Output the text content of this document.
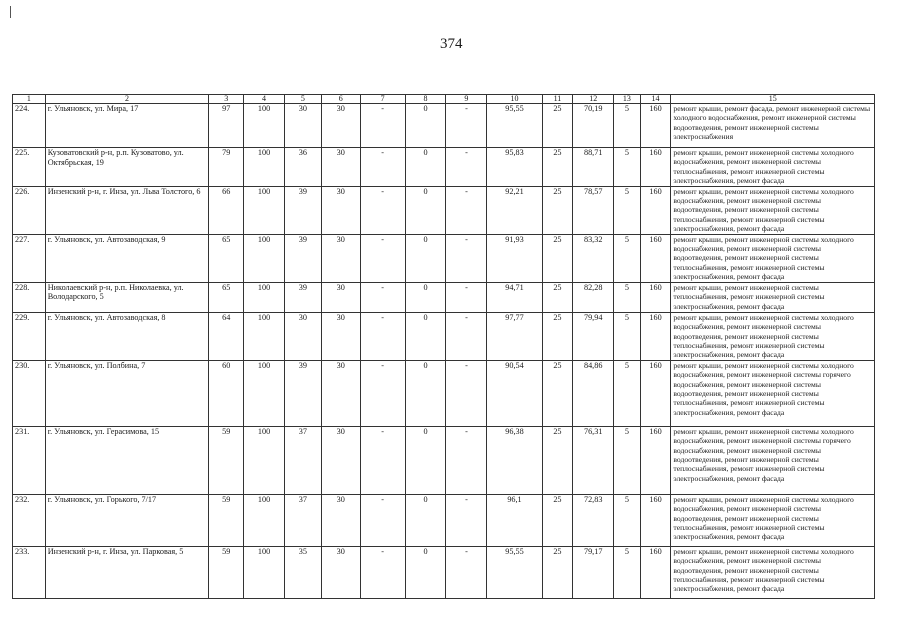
374
1	2	3	4	5	6	7	8	9	10	11	12	13	14	15
224.	г. Ульяновск, ул. Мира, 17	97	100	30	30	-	0	-	95,55	25	70,19	5	160	ремонт крыши, ремонт фасада, ремонт инженерной системы холодного водоснабжения, ремонт инженерной системы водоотведения, ремонт инженерной системы электроснабжения
225.	Кузоватовский р-н, р.п. Кузоватово, ул. Октябрьская, 19	79	100	36	30	-	0	-	95,83	25	88,71	5	160	ремонт крыши, ремонт инженерной системы холодного водоснабжения, ремонт инженерной системы теплоснабжения, ремонт инженерной системы электроснабжения, ремонт фасада
226.	Инзенский р-н, г. Инза, ул. Льва Толстого, 6	66	100	39	30	-	0	-	92,21	25	78,57	5	160	ремонт крыши, ремонт инженерной системы холодного водоснабжения, ремонт инженерной системы водоотведения, ремонт инженерной системы теплоснабжения, ремонт инженерной системы электроснабжения, ремонт фасада
227.	г. Ульяновск, ул. Автозаводская, 9	65	100	39	30	-	0	-	91,93	25	83,32	5	160	ремонт крыши, ремонт инженерной системы холодного водоснабжения, ремонт инженерной системы водоотведения, ремонт инженерной системы теплоснабжения, ремонт инженерной системы электроснабжения, ремонт фасада
228.	Николаевский р-н, р.п. Николаевка, ул. Володарского, 5	65	100	39	30	-	0	-	94,71	25	82,28	5	160	ремонт крыши, ремонт инженерной системы теплоснабжения, ремонт инженерной системы электроснабжения, ремонт фасада
229.	г. Ульяновск, ул. Автозаводская, 8	64	100	30	30	-	0	-	97,77	25	79,94	5	160	ремонт крыши, ремонт инженерной системы холодного водоснабжения, ремонт инженерной системы водоотведения, ремонт инженерной системы теплоснабжения, ремонт инженерной системы электроснабжения, ремонт фасада
230.	г. Ульяновск, ул. Полбина, 7	60	100	39	30	-	0	-	90,54	25	84,86	5	160	ремонт крыши, ремонт инженерной системы холодного водоснабжения, ремонт инженерной системы горячего водоснабжения, ремонт инженерной системы водоотведения, ремонт инженерной системы теплоснабжения, ремонт инженерной системы электроснабжения, ремонт фасада
231.	г. Ульяновск, ул. Герасимова, 15	59	100	37	30	-	0	-	96,38	25	76,31	5	160	ремонт крыши, ремонт инженерной системы холодного водоснабжения, ремонт инженерной системы горячего водоснабжения, ремонт инженерной системы водоотведения, ремонт инженерной системы теплоснабжения, ремонт инженерной системы электроснабжения, ремонт фасада
232.	г. Ульяновск, ул. Горького, 7/17	59	100	37	30	-	0	-	96,1	25	72,83	5	160	ремонт крыши, ремонт инженерной системы холодного водоснабжения, ремонт инженерной системы водоотведения, ремонт инженерной системы теплоснабжения, ремонт инженерной системы электроснабжения, ремонт фасада
233.	Инзенский р-н, г. Инза, ул. Парковая, 5	59	100	35	30	-	0	-	95,55	25	79,17	5	160	ремонт крыши, ремонт инженерной системы холодного водоснабжения, ремонт инженерной системы водоотведения, ремонт инженерной системы теплоснабжения, ремонт инженерной системы электроснабжения, ремонт фасада
